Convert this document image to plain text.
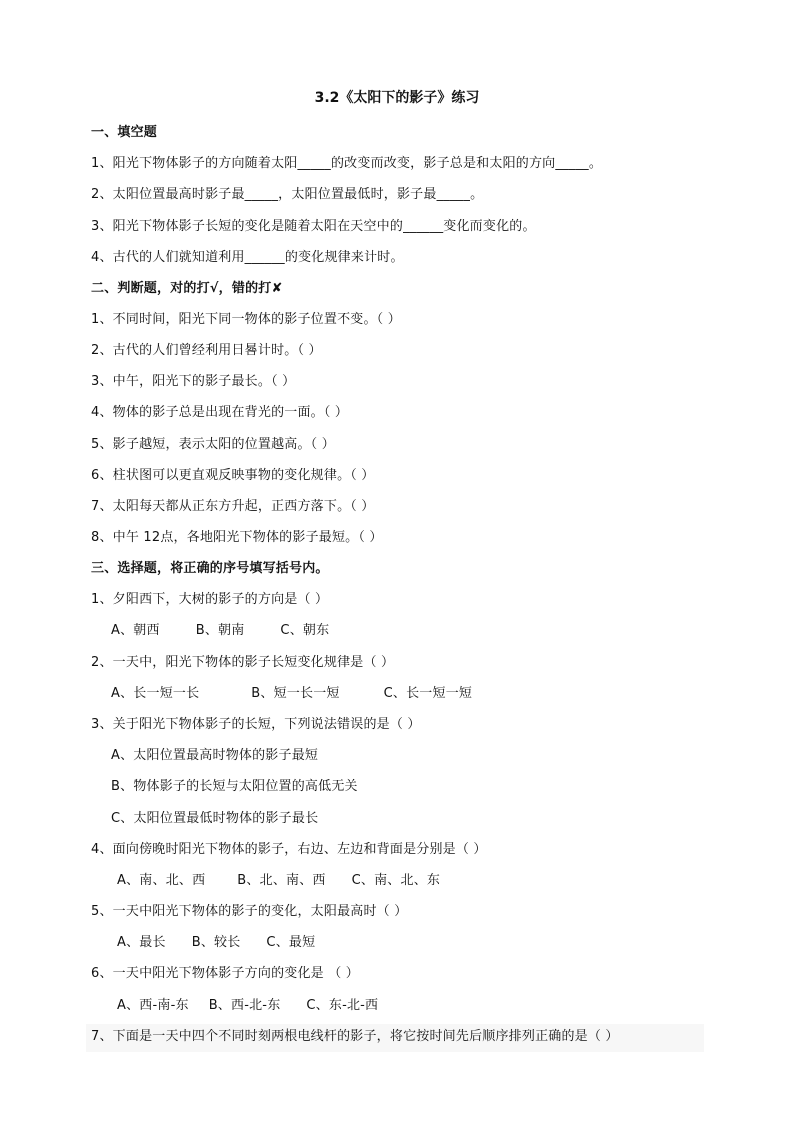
3.2《太阳下的影子》练习
一、填空题
1、阳光下物体影子的方向随着太阳_____的改变而改变，影子总是和太阳的方向_____。
2、太阳位置最高时影子最_____，太阳位置最低时，影子最_____。
3、阳光下物体影子长短的变化是随着太阳在天空中的______变化而变化的。
4、古代的人们就知道利用______的变化规律来计时。
二、判断题，对的打√，错的打✘
1、不同时间，阳光下同一物体的影子位置不变。（ ）
2、古代的人们曾经利用日晷计时。（ ）
3、中午，阳光下的影子最长。（ ）
4、物体的影子总是出现在背光的一面。（ ）
5、影子越短，表示太阳的位置越高。（ ）
6、柱状图可以更直观反映事物的变化规律。（ ）
7、太阳每天都从正东方升起，正西方落下。（ ）
8、中午 12点，各地阳光下物体的影子最短。（ ）
三、选择题，将正确的序号填写括号内。
1、夕阳西下，大树的影子的方向是（ ）
A、朝西	B、朝南	C、朝东
2、一天中，阳光下物体的影子长短变化规律是（ ）
A、长一短一长	B、短一长一短	C、长一短一短
3、关于阳光下物体影子的长短，下列说法错误的是（ ）
A、太阳位置最高时物体的影子最短
B、物体影子的长短与太阳位置的高低无关
C、太阳位置最低时物体的影子最长
4、面向傍晚时阳光下物体的影子，右边、左边和背面是分别是（ ）
A、南、北、西 B、北、南、西 C、南、北、东
5、一天中阳光下物体的影子的变化，太阳最高时（ ）
A、最长 B、较长 C、最短
6、一天中阳光下物体影子方向的变化是 （ ）
A、西-南-东 B、西-北-东 C、东-北-西
7、下面是一天中四个不同时刻两根电线杆的影子，将它按时间先后顺序排列正确的是（ ）
